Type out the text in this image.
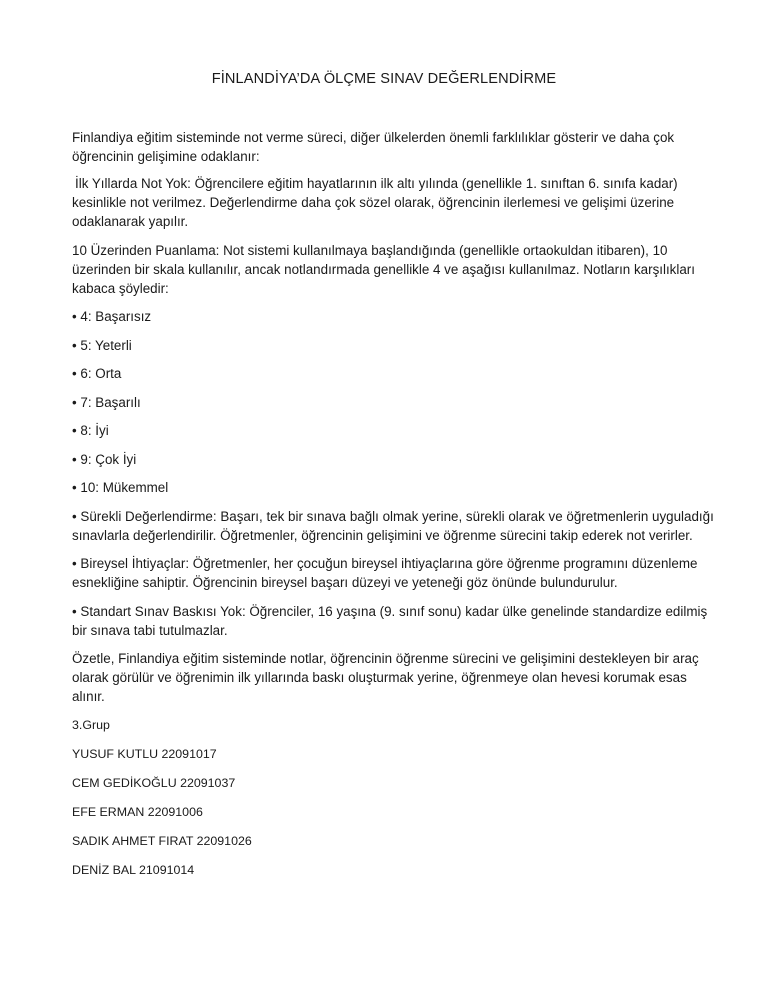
FİNLANDİYA’DA ÖLÇME SINAV DEĞERLENDİRME

Finlandiya eğitim sisteminde not verme süreci, diğer ülkelerden önemli farklılıklar gösterir ve daha çok öğrencinin gelişimine odaklanır:

İlk Yıllarda Not Yok: Öğrencilere eğitim hayatlarının ilk altı yılında (genellikle 1. sınıftan 6. sınıfa kadar) kesinlikle not verilmez. Değerlendirme daha çok sözel olarak, öğrencinin ilerlemesi ve gelişimi üzerine odaklanarak yapılır.

10 Üzerinden Puanlama: Not sistemi kullanılmaya başlandığında (genellikle ortaokuldan itibaren), 10 üzerinden bir skala kullanılır, ancak notlandırmada genellikle 4 ve aşağısı kullanılmaz. Notların karşılıkları kabaca şöyledir:

• 4: Başarısız

• 5: Yeterli

• 6: Orta

• 7: Başarılı

• 8: İyi

• 9: Çok İyi

• 10: Mükemmel

• Sürekli Değerlendirme: Başarı, tek bir sınava bağlı olmak yerine, sürekli olarak ve öğretmenlerin uyguladığı sınavlarla değerlendirilir. Öğretmenler, öğrencinin gelişimini ve öğrenme sürecini takip ederek not verirler.

• Bireysel İhtiyaçlar: Öğretmenler, her çocuğun bireysel ihtiyaçlarına göre öğrenme programını düzenleme esnekliğine sahiptir. Öğrencinin bireysel başarı düzeyi ve yeteneği göz önünde bulundurulur.

• Standart Sınav Baskısı Yok: Öğrenciler, 16 yaşına (9. sınıf sonu) kadar ülke genelinde standardize edilmiş bir sınava tabi tutulmazlar.

Özetle, Finlandiya eğitim sisteminde notlar, öğrencinin öğrenme sürecini ve gelişimini destekleyen bir araç olarak görülür ve öğrenimin ilk yıllarında baskı oluşturmak yerine, öğrenmeye olan hevesi korumak esas alınır.

3.Grup

YUSUF KUTLU 22091017

CEM GEDİKOĞLU 22091037

EFE ERMAN 22091006

SADIK AHMET FIRAT 22091026

DENİZ BAL 21091014
